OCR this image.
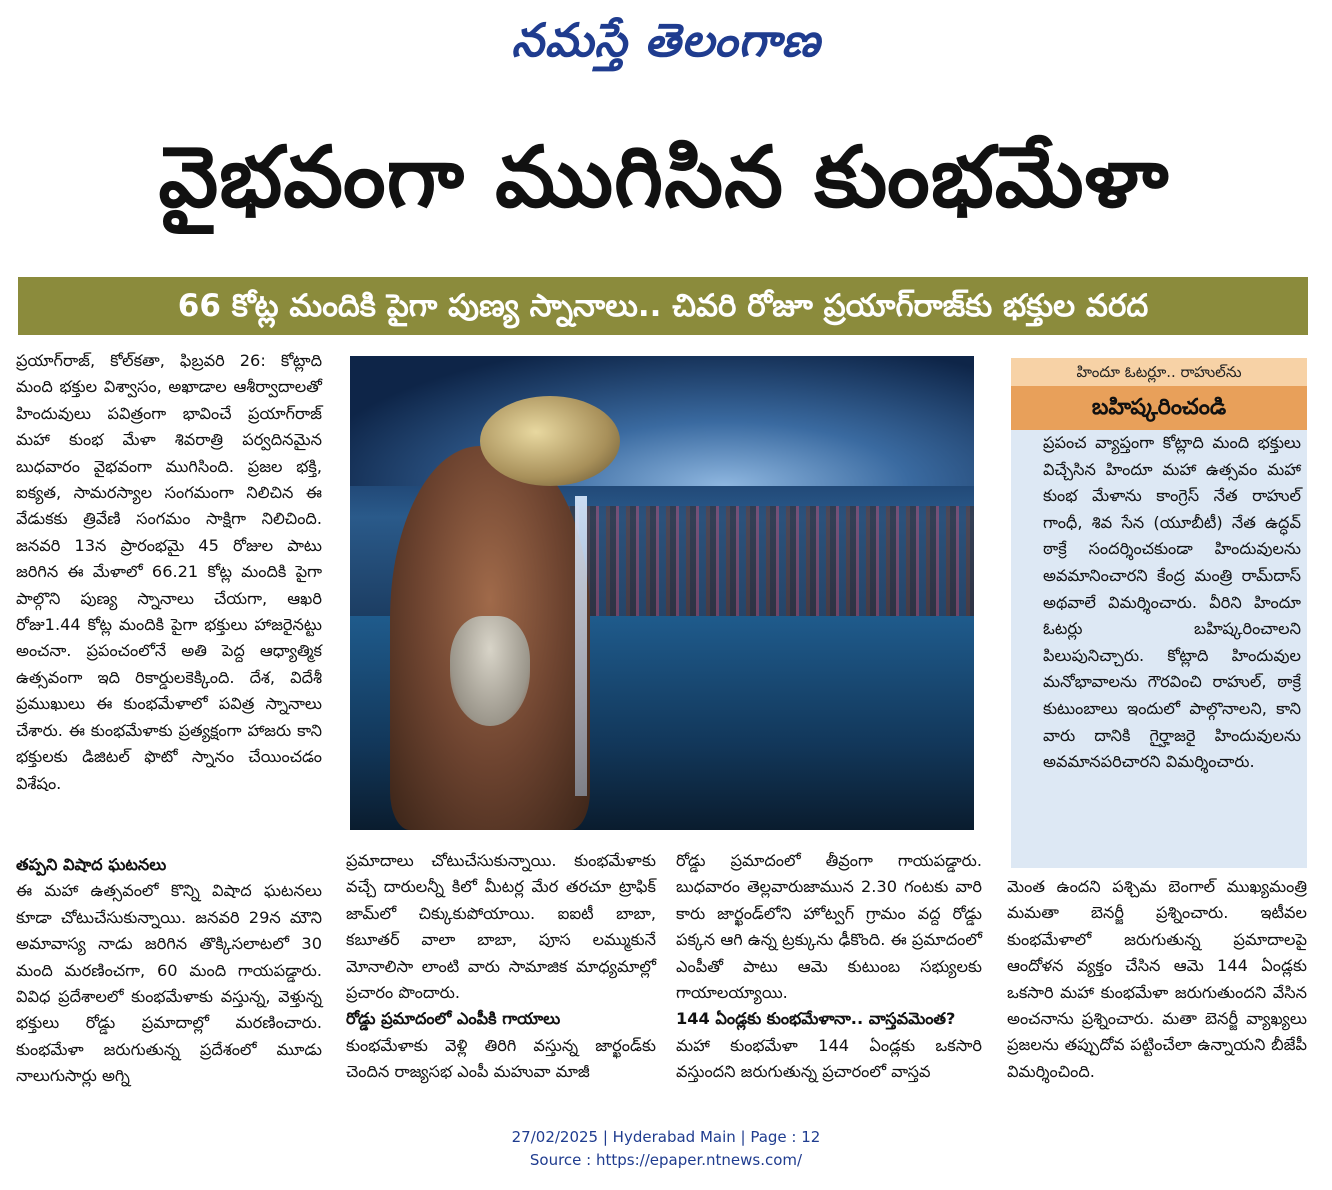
నమస్తే తెలంగాణ
వైభవంగా ముగిసిన కుంభమేళా
66 కోట్ల మందికి పైగా పుణ్య స్నానాలు.. చివరి రోజూ ప్రయాగ్‌రాజ్‌కు భక్తుల వరద

ప్రయాగ్‌రాజ్, కోల్‌కతా, ఫిబ్రవరి 26: కోట్లాది మంది భక్తుల విశ్వాసం, అఖాడాల ఆశీర్వాదాలతో హిందువులు పవిత్రంగా భావించే ప్రయాగ్‌రాజ్ మహా కుంభ మేళా శివరాత్రి పర్వదినమైన బుధవారం వైభవంగా ముగిసింది. ప్రజల భక్తి, ఐక్యత, సామరస్యాల సంగమంగా నిలిచిన ఈ వేడుకకు త్రివేణి సంగమం సాక్షిగా నిలిచింది. జనవరి 13న ప్రారంభమై 45 రోజుల పాటు జరిగిన ఈ మేళాలో 66.21 కోట్ల మందికి పైగా పాల్గొని పుణ్య స్నానాలు చేయగా, ఆఖరి రోజు1.44 కోట్ల మందికి పైగా భక్తులు హాజరైనట్టు అంచనా. ప్రపంచంలోనే అతి పెద్ద ఆధ్యాత్మిక ఉత్సవంగా ఇది రికార్డులకెక్కింది. దేశ, విదేశీ ప్రముఖులు ఈ కుంభమేళాలో పవిత్ర స్నానాలు చేశారు. ఈ కుంభమేళాకు ప్రత్యక్షంగా హాజరు కాని భక్తులకు డిజిటల్ ఫొటో స్నానం చేయించడం విశేషం.

తప్పని విషాద ఘటనలు

ఈ మహా ఉత్సవంలో కొన్ని విషాద ఘటనలు కూడా చోటుచేసుకున్నాయి. జనవరి 29న మౌని అమావాస్య నాడు జరిగిన తొక్కిసలాటలో 30 మంది మరణించగా, 60 మంది గాయపడ్డారు. వివిధ ప్రదేశాలలో కుంభమేళాకు వస్తున్న, వెళ్తున్న భక్తులు రోడ్డు ప్రమాదాల్లో మరణించారు. కుంభమేళా జరుగుతున్న ప్రదేశంలో మూడు నాలుగుసార్లు అగ్ని

ప్రమాదాలు చోటుచేసుకున్నాయి. కుంభమేళాకు వచ్చే దారులన్నీ కిలో మీటర్ల మేర తరచూ ట్రాఫిక్ జామ్‌లో చిక్కుకుపోయాయి. ఐఐటీ బాబా, కబూతర్ వాలా బాబా, పూస లమ్ముకునే మోనాలిసా లాంటి వారు సామాజిక మాధ్యమాల్లో ప్రచారం పొందారు.

రోడ్డు ప్రమాదంలో ఎంపీకి గాయాలు

కుంభమేళాకు వెళ్లి తిరిగి వస్తున్న జార్ఖండ్‌కు చెందిన రాజ్యసభ ఎంపీ మహువా మాజీ

రోడ్డు ప్రమాదంలో తీవ్రంగా గాయపడ్డారు. బుధవారం తెల్లవారుజామున 2.30 గంటకు వారి కారు జార్ఖండ్‌లోని హోట్వగ్ గ్రామం వద్ద రోడ్డు పక్కన ఆగి ఉన్న ట్రక్కును ఢీకొంది. ఈ ప్రమాదంలో ఎంపీతో పాటు ఆమె కుటుంబ సభ్యులకు గాయాలయ్యాయి.

144 ఏండ్లకు కుంభమేళానా.. వాస్తవమెంత?

మహా కుంభమేళా 144 ఏండ్లకు ఒకసారి వస్తుందని జరుగుతున్న ప్రచారంలో వాస్తవ

హిందూ ఓటర్లూ.. రాహుల్‌ను
బహిష్కరించండి
ప్రపంచ వ్యాప్తంగా కోట్లాది మంది భక్తులు విచ్చేసిన హిందూ మహా ఉత్సవం మహా కుంభ మేళాను కాంగ్రెస్ నేత రాహుల్ గాంధీ, శివ సేన (యూబీటీ) నేత ఉద్ధవ్ ఠాక్రే సందర్శించకుండా హిందువులను అవమానించారని కేంద్ర మంత్రి రామ్‌దాస్ అథవాలే విమర్శించారు. వీరిని హిందూ ఓటర్లు బహిష్కరించాలని పిలుపునిచ్చారు. కోట్లాది హిందువుల మనోభావాలను గౌరవించి రాహుల్, ఠాక్రే కుటుంబాలు ఇందులో పాల్గొనాలని, కాని వారు దానికి గైర్హాజరై హిందువులను అవమానపరిచారని విమర్శించారు.

మెంత ఉందని పశ్చిమ బెంగాల్ ముఖ్యమంత్రి మమతా బెనర్జీ ప్రశ్నించారు. ఇటీవల కుంభమేళాలో జరుగుతున్న ప్రమాదాలపై ఆందోళన వ్యక్తం చేసిన ఆమె 144 ఏండ్లకు ఒకసారి మహా కుంభమేళా జరుగుతుందని వేసిన అంచనాను ప్రశ్నించారు. మతా బెనర్జీ వ్యాఖ్యలు ప్రజలను తప్పుదోవ పట్టించేలా ఉన్నాయని బీజేపీ విమర్శించింది.

27/02/2025 | Hyderabad Main | Page : 12
Source : https://epaper.ntnews.com/
